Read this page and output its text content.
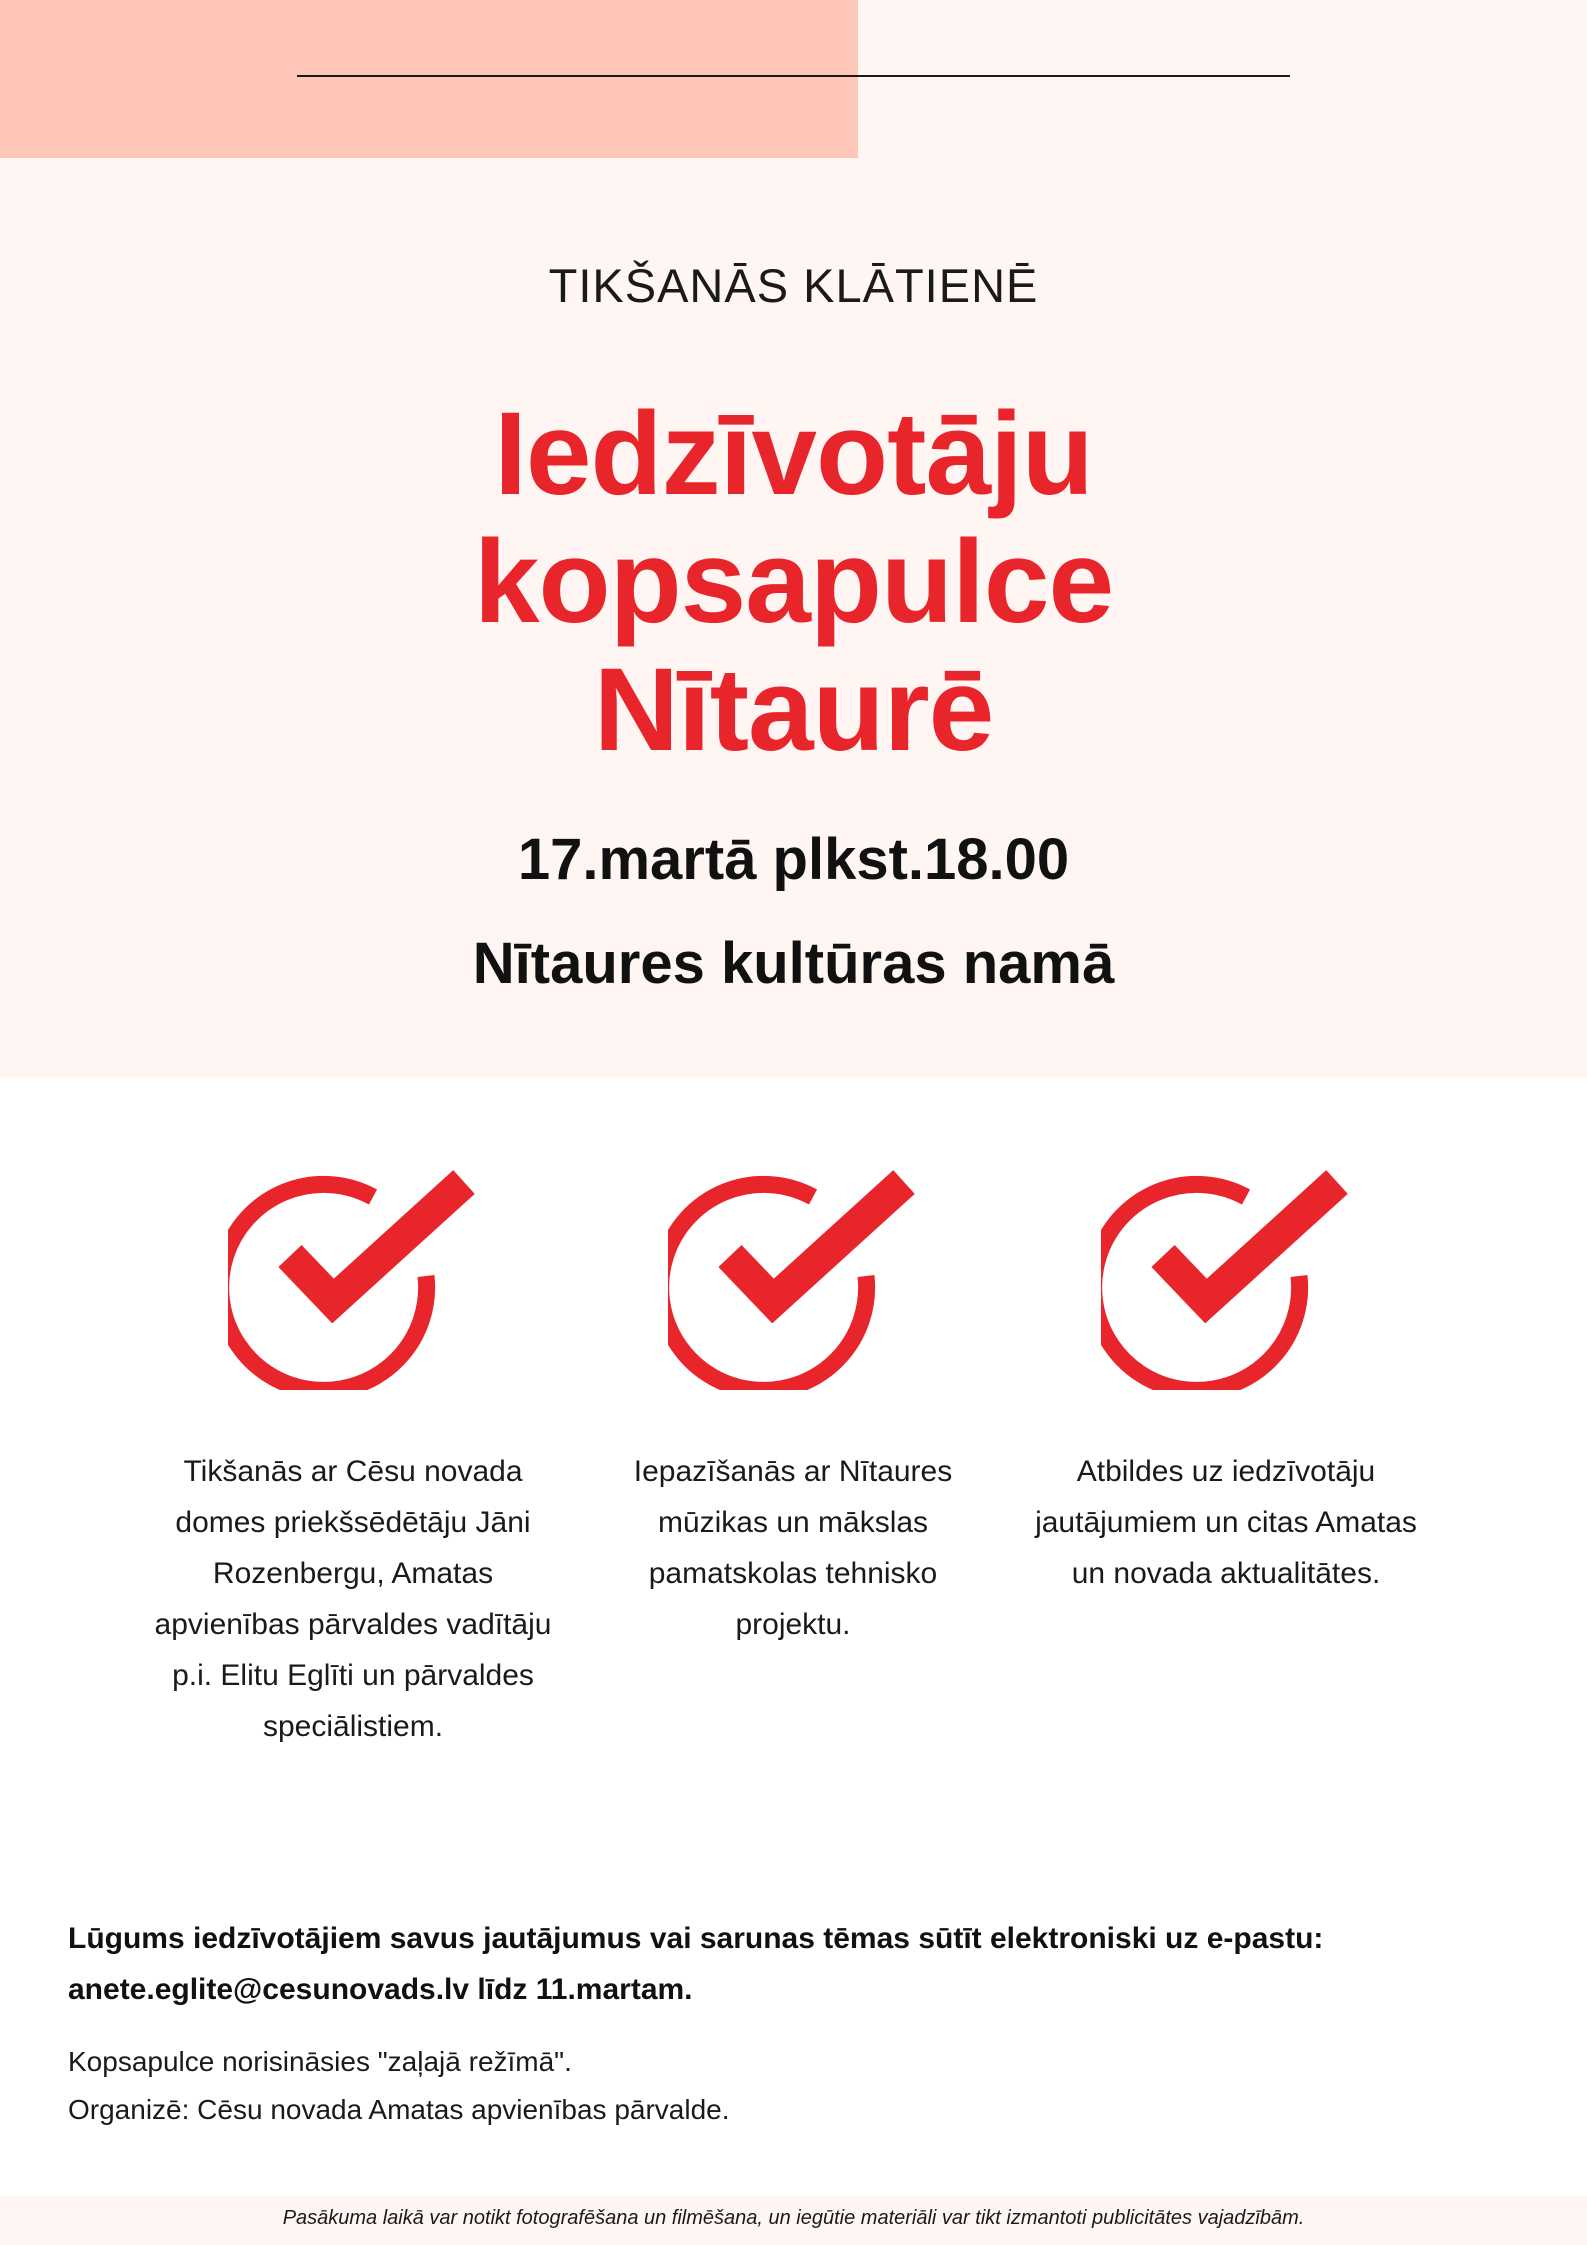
TIKŠANĀS KLĀTIENĒ
Iedzīvotāju
kopsapulce
Nītaurē
17.martā plkst.18.00
Nītaures kultūras namā
Tikšanās ar Cēsu novada
domes priekšsēdētāju Jāni
Rozenbergu, Amatas
apvienības pārvaldes vadītāju
p.i. Elitu Eglīti un pārvaldes
speciālistiem.
Iepazīšanās ar Nītaures
mūzikas un mākslas
pamatskolas tehnisko
projektu.
Atbildes uz iedzīvotāju
jautājumiem un citas Amatas
un novada aktualitātes.
Lūgums iedzīvotājiem savus jautājumus vai sarunas tēmas sūtīt elektroniski uz e-pastu:
anete.eglite@cesunovads.lv līdz 11.martam.
Kopsapulce norisināsies "zaļajā režīmā".
Organizē: Cēsu novada Amatas apvienības pārvalde.
Pasākuma laikā var notikt fotografēšana un filmēšana, un iegūtie materiāli var tikt izmantoti publicitātes vajadzībām.
